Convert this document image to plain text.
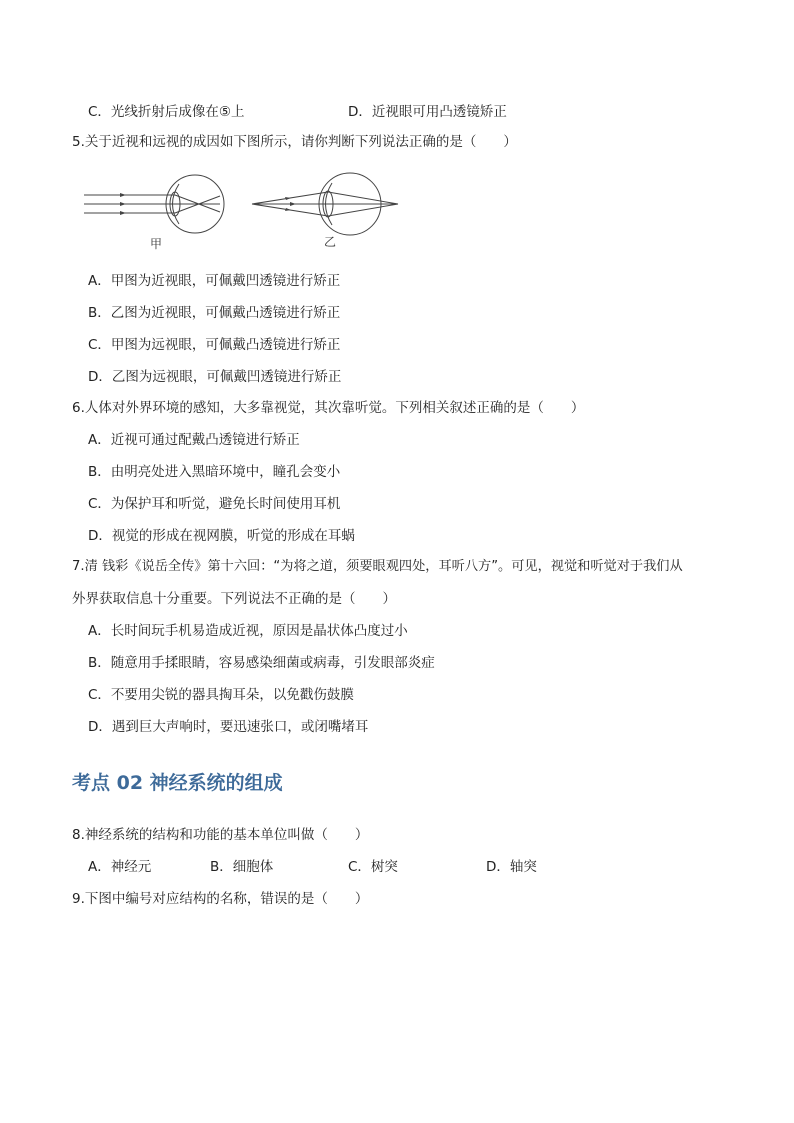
C．光线折射后成像在⑤上	D．近视眼可用凸透镜矫正
5.关于近视和远视的成因如下图所示，请你判断下列说法正确的是（　　）
甲	乙
A．甲图为近视眼，可佩戴凹透镜进行矫正
B．乙图为近视眼，可佩戴凸透镜进行矫正
C．甲图为远视眼，可佩戴凸透镜进行矫正
D．乙图为远视眼，可佩戴凹透镜进行矫正
6.人体对外界环境的感知，大多靠视觉，其次靠听觉。下列相关叙述正确的是（　　）
A．近视可通过配戴凸透镜进行矫正
B．由明亮处进入黑暗环境中，瞳孔会变小
C．为保护耳和听觉，避免长时间使用耳机
D．视觉的形成在视网膜，听觉的形成在耳蜗
7.清 钱彩《说岳全传》第十六回：“为将之道，须要眼观四处，耳听八方”。可见，视觉和听觉对于我们从
外界获取信息十分重要。下列说法不正确的是（　　）
A．长时间玩手机易造成近视，原因是晶状体凸度过小
B．随意用手揉眼睛，容易感染细菌或病毒，引发眼部炎症
C．不要用尖锐的器具掏耳朵，以免戳伤鼓膜
D．遇到巨大声响时，要迅速张口，或闭嘴堵耳
考点 02 神经系统的组成
8.神经系统的结构和功能的基本单位叫做（　　）
A．神经元	B．细胞体	C．树突	D．轴突
9.下图中编号对应结构的名称，错误的是（　　）
